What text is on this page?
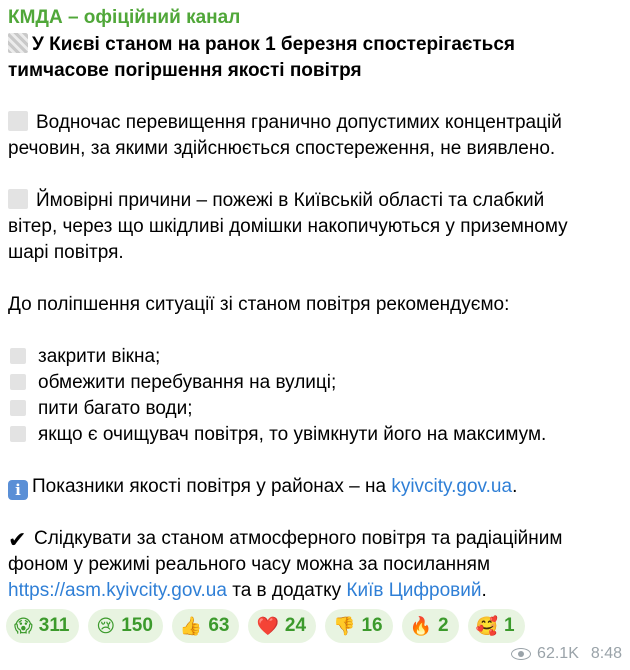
КМДА – офіційний канал

У Києві станом на ранок 1 березня спостерігається
тимчасове погіршення якості повітря

Водночас перевищення гранично допустимих концентрацій
речовин, за якими здійснюється спостереження, не виявлено.

Ймовірні причини – пожежі в Київській області та слабкий
вітер, через що шкідливі домішки накопичуються у приземному
шарі повітря.

До поліпшення ситуації зі станом повітря рекомендуємо:

закрити вікна;
обмежити перебування на вулиці;
пити багато води;
якщо є очищувач повітря, то увімкнути його на максимум.

i Показники якості повітря у районах – на kyivcity.gov.ua.

✔ Слідкувати за станом атмосферного повітря та радіаційним
фоном у режимі реального часу можна за посиланням
https://asm.kyivcity.gov.ua та в додатку Київ Цифровий.

😱 311 😢 150 👍 63 ❤️ 24 👎 16 🔥 2 🥰 1
62.1K 8:48
